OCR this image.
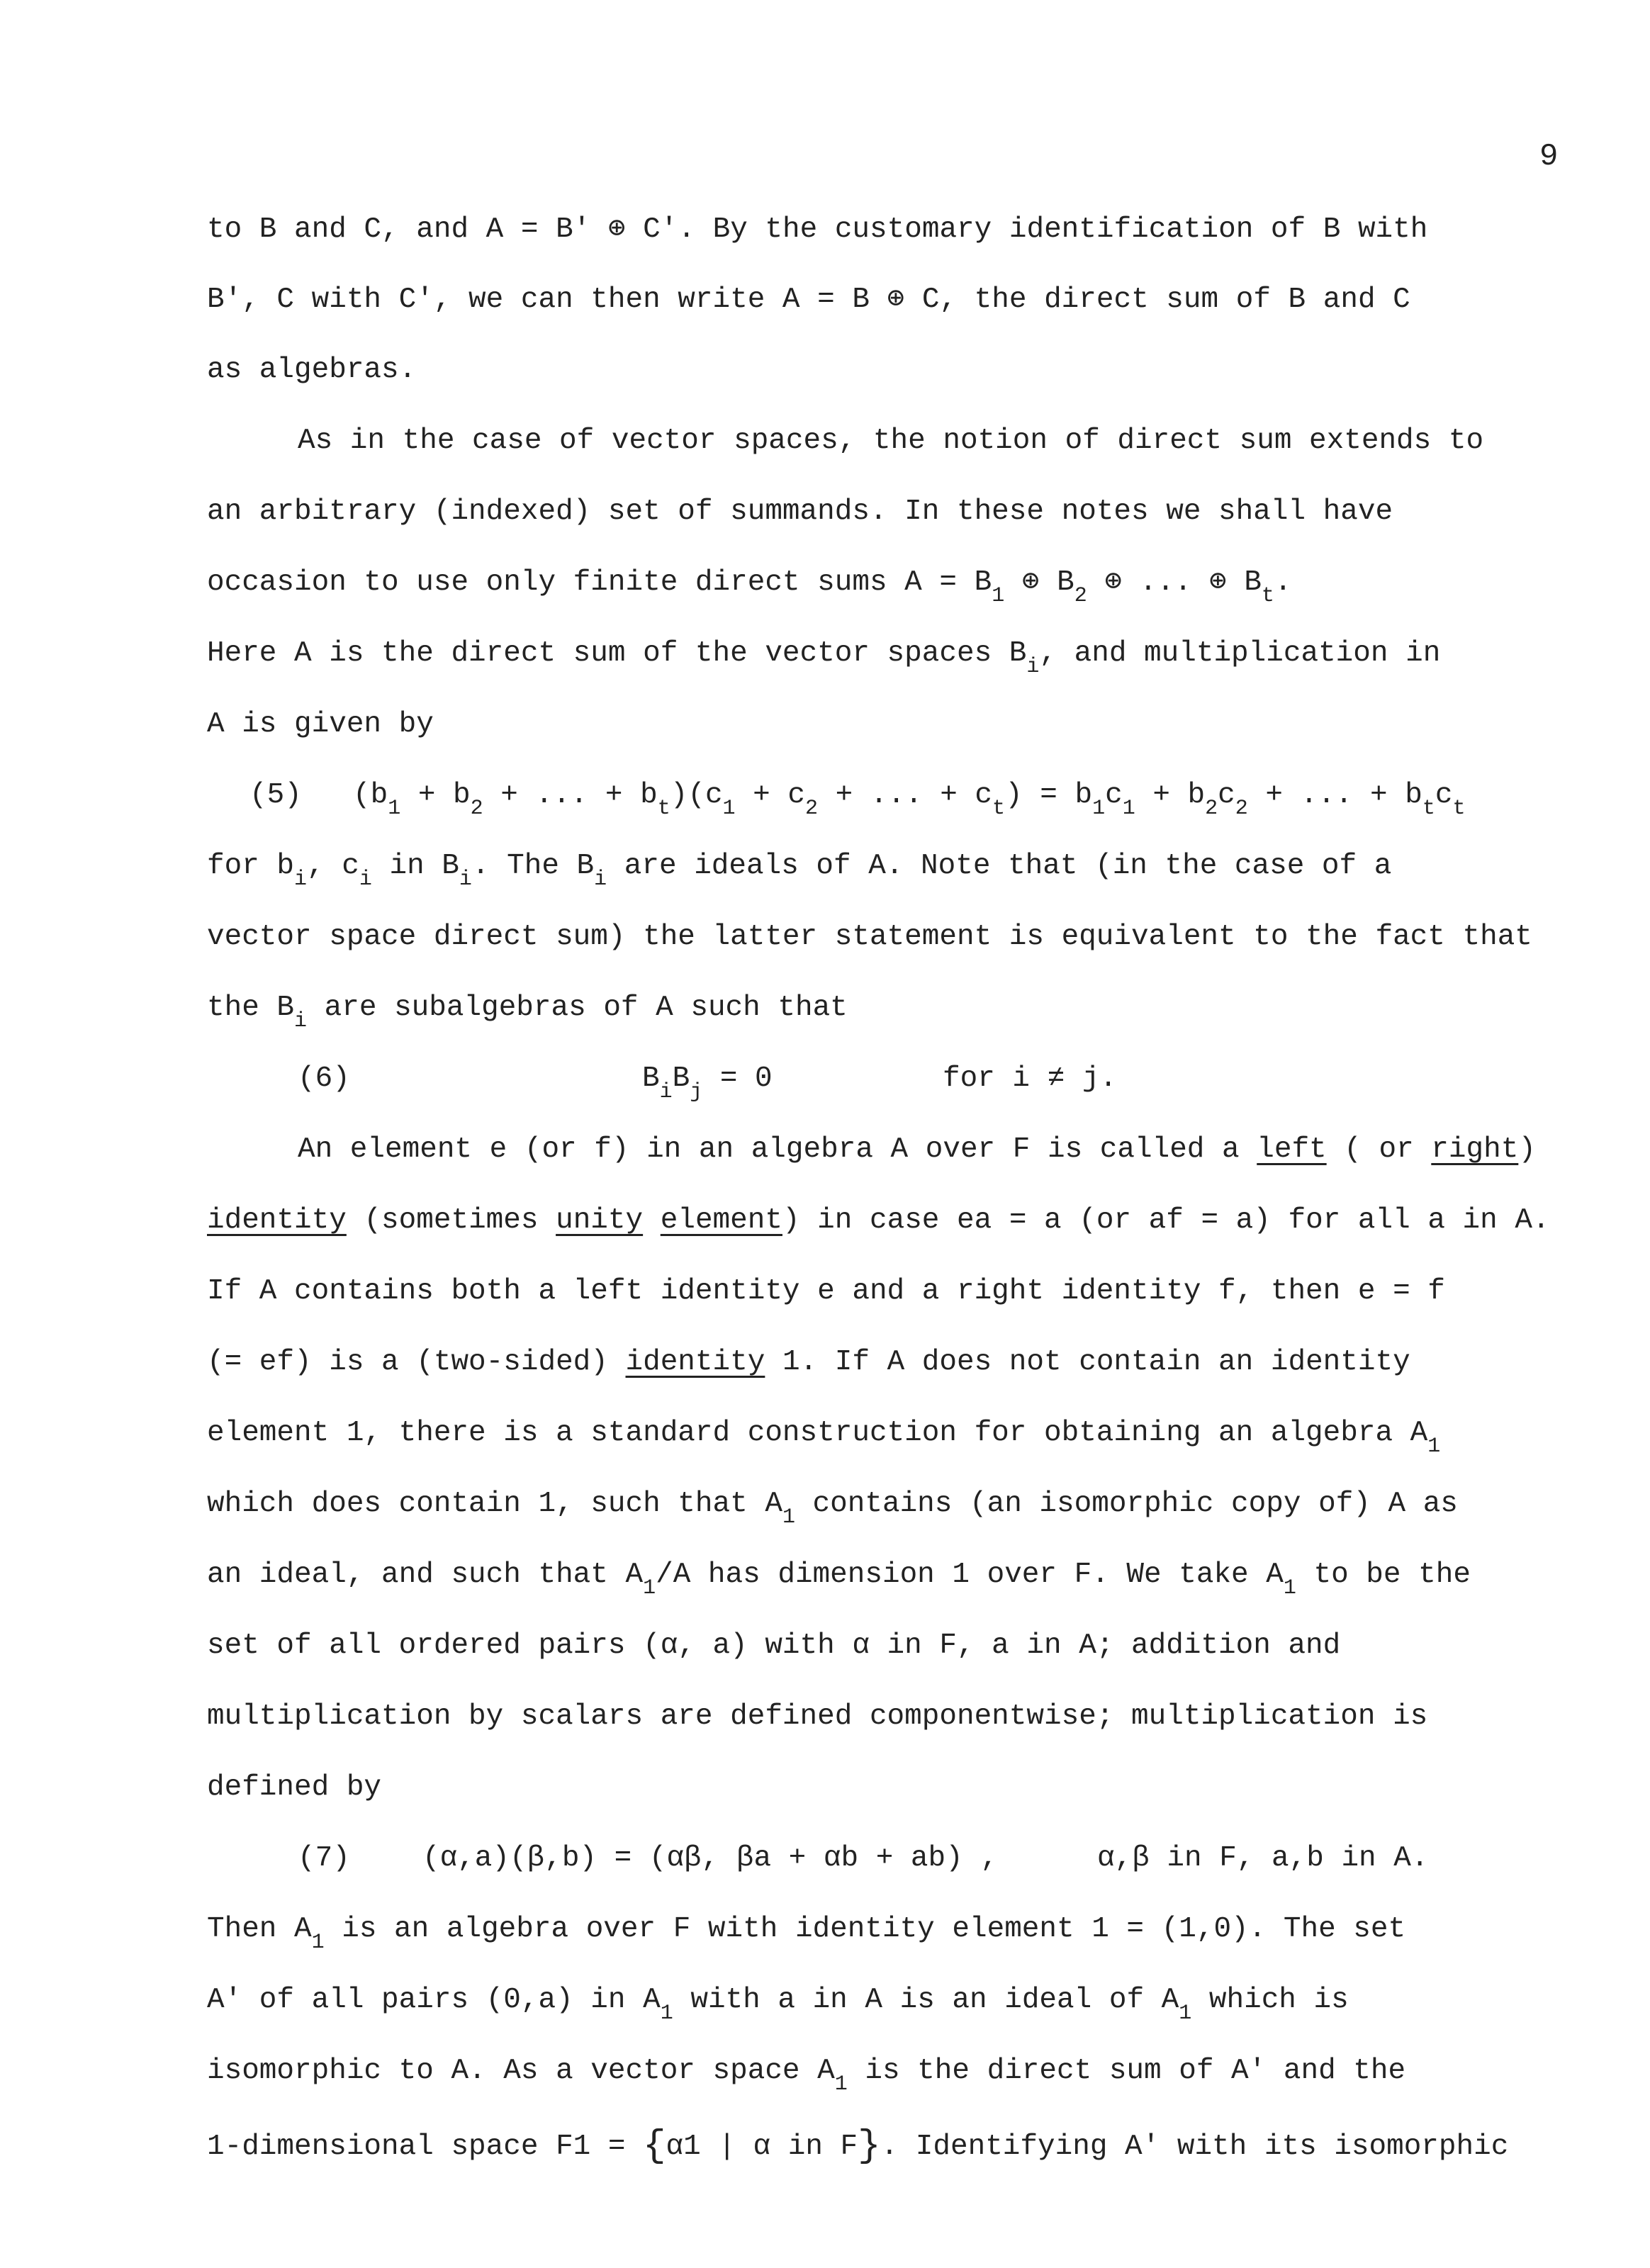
9
to B and C, and A = B' ⊕ C'. By the customary identification of B with
B', C with C', we can then write A = B ⊕ C, the direct sum of B and C
as algebras.
As in the case of vector spaces, the notion of direct sum extends to
an arbitrary (indexed) set of summands. In these notes we shall have
occasion to use only finite direct sums $A = B_1$ ⊕ $B_2$ ⊕ ... ⊕ $B_t$.
Here A is the direct sum of the vector spaces $B_i$, and multiplication in
A is given by
(5) ($b_1 + b_2$ + ... + $b_t)(c_1 + c_2$ + ... + $c_t) = b_1c_1 + b_2c_2$ + ... + $b_tc_t$
for $b_i$, $c_i$ in $B_i$. The $B_i$ are ideals of A. Note that (in the case of a
vector space direct sum) the latter statement is equivalent to the fact that
the $B_i$ are subalgebras of A such that
(6)	$B_iB_j = 0$	for i ≠ j.
An element e (or f) in an algebra A over F is called a left ( or right)
identity (sometimes unity element) in case ea = a (or af = a) for all a in A.
If A contains both a left identity e and a right identity f, then e = f
(= ef) is a (two-sided) identity 1. If A does not contain an identity
element 1, there is a standard construction for obtaining an algebra $A_1$
which does contain 1, such that $A_1$ contains (an isomorphic copy of) A as
an ideal, and such that $A_1/A$ has dimension 1 over F. We take $A_1$ to be the
set of all ordered pairs (α, a) with α in F, a in A; addition and
multiplication by scalars are defined componentwise; multiplication is
defined by
(7) (α,a)(β,b) = (αβ, βa + αb + ab) ,	α,β in F, a,b in A.
Then $A_1$ is an algebra over F with identity element 1 = (1,0). The set
A' of all pairs (0,a) in $A_1$ with a in A is an ideal of $A_1$ which is
isomorphic to A. As a vector space $A_1$ is the direct sum of A' and the
1-dimensional space F1 = {α1 | α in F}. Identifying A' with its isomorphic
